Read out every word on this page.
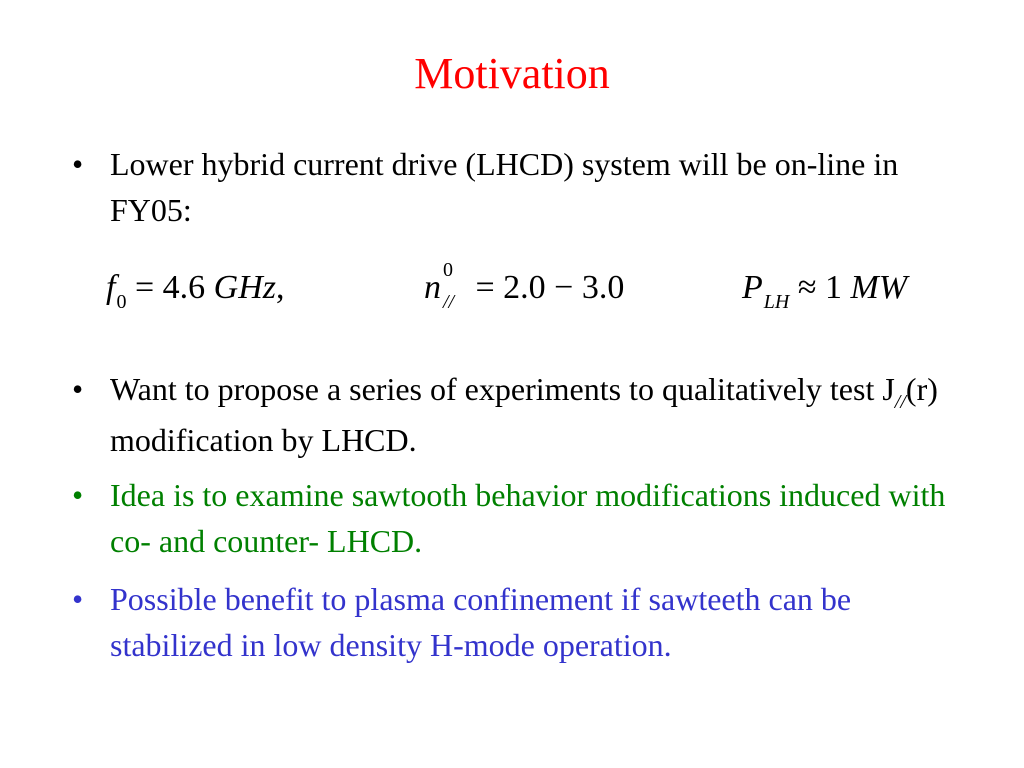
Motivation
• Lower hybrid current drive (LHCD) system will be on-line in FY05:
$f_0 = 4.6$ GHz,	n 0
// = 2.0 − 3.0	$P_{LH} \approx 1$ MW
• Want to propose a series of experiments to qualitatively test $J_{//}(r)$ modification by LHCD.
• Idea is to examine sawtooth behavior modifications induced with co- and counter- LHCD.
• Possible benefit to plasma confinement if sawteeth can be stabilized in low density H-mode operation.
